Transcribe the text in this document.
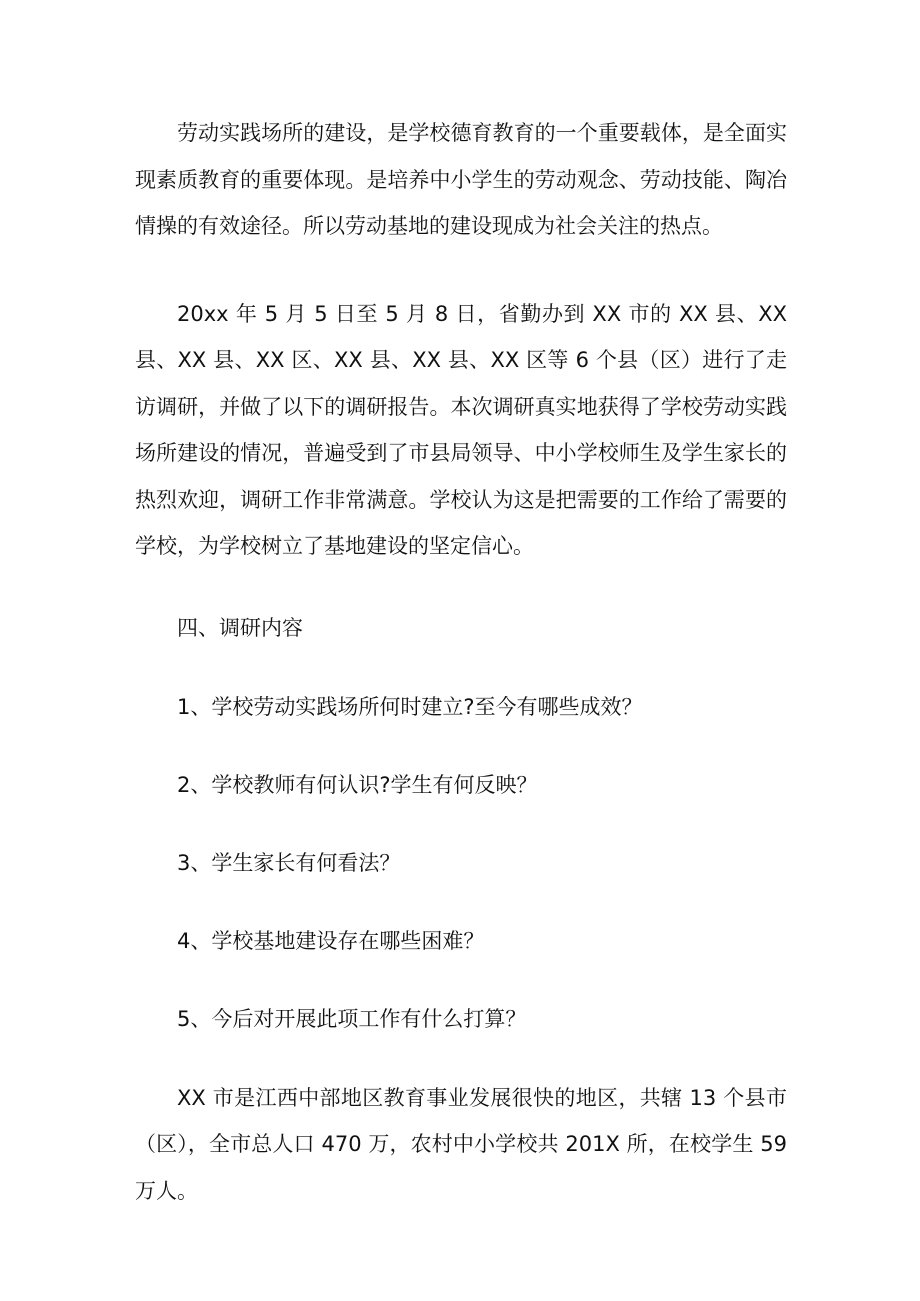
劳动实践场所的建设，是学校德育教育的一个重要载体，是全面实现素质教育的重要体现。是培养中小学生的劳动观念、劳动技能、陶冶情操的有效途径。所以劳动基地的建设现成为社会关注的热点。

20xx 年 5 月 5 日至 5 月 8 日，省勤办到 XX 市的 XX 县、XX 县、XX 县、XX 区、XX 县、XX 县、XX 区等 6 个县（区）进行了走访调研，并做了以下的调研报告。本次调研真实地获得了学校劳动实践场所建设的情况，普遍受到了市县局领导、中小学校师生及学生家长的热烈欢迎，调研工作非常满意。学校认为这是把需要的工作给了需要的学校，为学校树立了基地建设的坚定信心。

四、调研内容
1、学校劳动实践场所何时建立?至今有哪些成效？
2、学校教师有何认识?学生有何反映？
3、学生家长有何看法？
4、学校基地建设存在哪些困难？
5、今后对开展此项工作有什么打算？

XX 市是江西中部地区教育事业发展很快的地区，共辖 13 个县市（区），全市总人口 470 万，农村中小学校共 201X 所，在校学生 59 万人。
